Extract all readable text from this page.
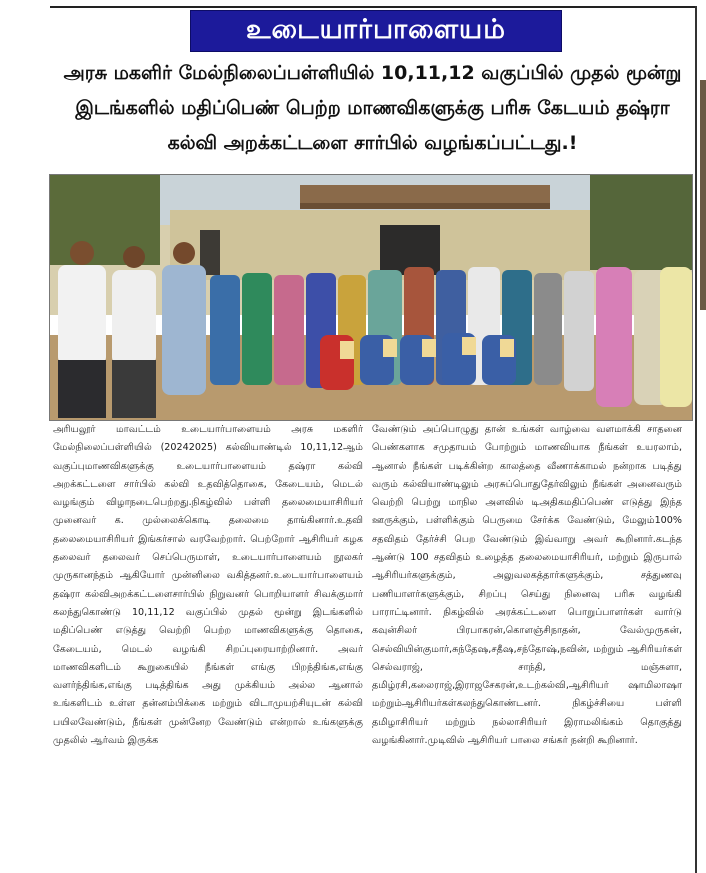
உடையார்பாளையம்
அரசு மகளிர் மேல்நிலைப்பள்ளியில் 10,11,12 வகுப்பில் முதல் மூன்று
இடங்களில் மதிப்பெண் பெற்ற மாணவிகளுக்கு பரிசு கேடயம் தஷ்ரா
கல்வி அறக்கட்டளை சார்பில் வழங்கப்பட்டது.!

அரியலூர் மாவட்டம் உடையார்பாளையம் அரசு மகளிர் மேல்நிலைப்பள்ளியில் (20242025) கல்வியாண்டில் 10,11,12ஆம் வகுப்புமாணவிகளுக்கு உடையார்பாளையம் தஷ்ரா கல்வி அறக்கட்டளை சார்பில் கல்வி உதவித்தொகை, கேடையம், மெடல் வழங்கும் விழாநடைபெற்றது.நிகழ்வில் பள்ளி தலைமையாசிரியர் முனைவர் க. முல்லைக்கொடி தலைமை தாங்கினார்.உதவி தலைமையாசிரியர் இங்கர்சால் வரவேற்றார். பெற்றோர் ஆசிரியர் கழக தலைவர் தலைவர் செப்பெருமாள், உடையார்பாளையம் நூலகர் முருகானந்தம் ஆகியோர் முன்னிலை வகித்தனர்.உடையார்பாளையம் தஷ்ரா கல்விஅறக்கட்டளைசார்பில் நிறுவனர் பொறியாளர் சிவக்குமார் கலந்துகொண்டு 10,11,12 வகுப்பில் முதல் மூன்று இடங்களில் மதிப்பெண் எடுத்து வெற்றி பெற்ற மாணவிகளுக்கு தொகை, கேடையம், மெடல் வழங்கி சிறப்புரையாற்றினார். அவர் மாணவிகளிடம் கூறுகையில் நீங்கள் எங்கு பிறந்திங்க,எங்கு வளர்ந்திங்க,எங்கு படித்திங்க அது முக்கியம் அல்ல ஆனால் உங்களிடம் உள்ள தன்னம்பிக்கை மற்றும் விடாமுயற்சியுடன் கல்வி பயிலவேண்டும், நீங்கள் முன்னேற வேண்டும் என்றால் உங்களுக்கு முதலில் ஆர்வம் இருக்க

வேண்டும் அப்பொழுது தான் உங்கள் வாழ்வை வளமாக்கி சாதனை பெண்களாக சமுதாயம் போற்றும் மாணவியாக நீங்கள் உயரலாம், ஆனால் நீங்கள் படிக்கின்ற காலத்தை வீணாக்காமல் நன்றாக படித்து வரும் கல்வியாண்டிலும் அரசுப்பொதுதேர்விலும் நீங்கள் அனைவரும் வெற்றி பெற்று மாநில அளவில் டிஅதிகமதிப்பெண் எடுத்து இந்த ஊருக்கும், பள்ளிக்கும் பெருமை சேர்க்க வேண்டும், மேலும்100% சதவிதம் தேர்ச்சி பெற வேண்டும் இவ்வாறு அவர் கூறினார்.கடந்த ஆண்டு 100 சதவிதம் உழைத்த தலைமையாசிரியர், மற்றும் இருபால் ஆசிரியர்களுக்கும், அலுவலகத்தார்களுக்கும், சத்துணவு பணியாளர்களுக்கும், சிறப்பு செய்து நினைவு பரிசு வழங்கி பாராட்டினார். நிகழ்வில் அரக்கட்டளை பொறுப்பாளர்கள் வார்டு கவுன்சிலர் பிரபாகரன்,கொளஞ்சிநாதன், வேல்முருகன், செல்வியின்குமார்,சுந்தேஷ,சதீஷ,சந்தோஷ்,நவின், மற்றும் ஆசிரியர்கள் செல்வராஜ், சாந்தி, மஞ்சுளா, தமிழ்ரசி,கலைராஜ்,இராஜசேகரன்,உடற்கல்வி,ஆசிரியர் ஷாமிலாஷா மற்றும்ஆசிரியர்கள்கலந்துகொண்டனர். நிகழ்ச்சியை பள்ளி தமிழாசிரியர் மற்றும் நல்லாசிரியர் இராமலிங்கம் தொகுத்து வழங்கினார்.முடிவில் ஆசிரியர் பாலை சங்கர் நன்றி கூறினார்.
